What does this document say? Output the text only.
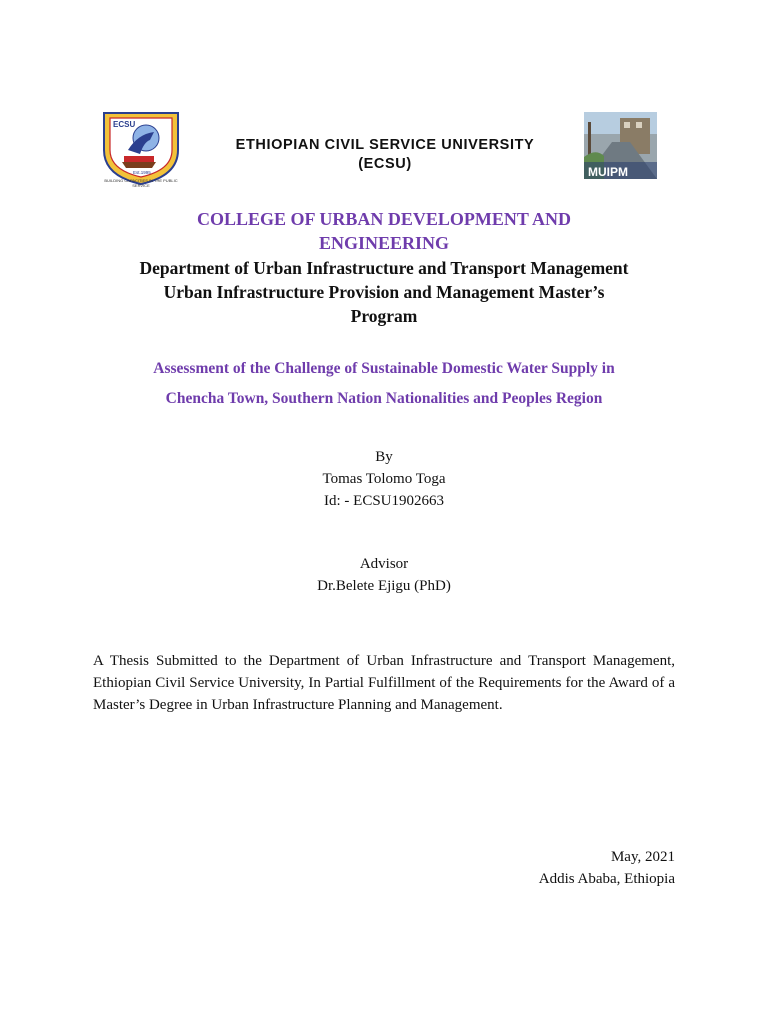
ECSU
Est.1995
BUILDING CAPACITIES IN THE PUBLIC SERVICE
ETHIOPIAN CIVIL SERVICE UNIVERSITY
(ECSU)	MUIPM
COLLEGE OF URBAN DEVELOPMENT AND
ENGINEERING
Department of Urban Infrastructure and Transport Management
Urban Infrastructure Provision and Management Master’s
Program
Assessment of the Challenge of Sustainable Domestic Water Supply in
Chencha Town, Southern Nation Nationalities and Peoples Region
By
Tomas Tolomo Toga
Id: - ECSU1902663
Advisor
Dr.Belete Ejigu (PhD)
A Thesis Submitted to the Department of Urban Infrastructure and Transport Management, Ethiopian Civil Service University, In Partial Fulfillment of the Requirements for the Award of a Master’s Degree in Urban Infrastructure Planning and Management.
May, 2021
Addis Ababa, Ethiopia
